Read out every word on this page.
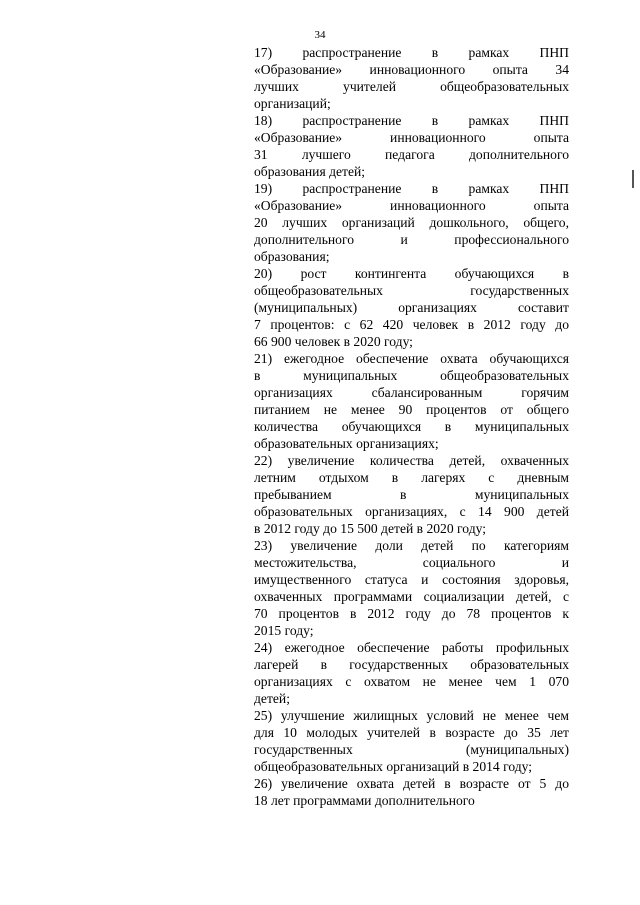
34
17) распространение в рамках ПНП
«Образование» инновационного опыта 34
лучших учителей общеобразовательных
организаций;
18) распространение в рамках ПНП
«Образование» инновационного опыта
31 лучшего педагога дополнительного
образования детей;
19) распространение в рамках ПНП
«Образование» инновационного опыта
20 лучших организаций дошкольного, общего,
дополнительного и профессионального
образования;
20) рост контингента обучающихся в
общеобразовательных государственных
(муниципальных) организациях составит
7 процентов: с 62 420 человек в 2012 году до
66 900 человек в 2020 году;
21) ежегодное обеспечение охвата обучающихся
в муниципальных общеобразовательных
организациях сбалансированным горячим
питанием не менее 90 процентов от общего
количества обучающихся в муниципальных
образовательных организациях;
22) увеличение количества детей, охваченных
летним отдыхом в лагерях с дневным
пребыванием в муниципальных
образовательных организациях, с 14 900 детей
в 2012 году до 15 500 детей в 2020 году;
23) увеличение доли детей по категориям
местожительства, социального и
имущественного статуса и состояния здоровья,
охваченных программами социализации детей, с
70 процентов в 2012 году до 78 процентов к
2015 году;
24) ежегодное обеспечение работы профильных
лагерей в государственных образовательных
организациях с охватом не менее чем 1 070
детей;
25) улучшение жилищных условий не менее чем
для 10 молодых учителей в возрасте до 35 лет
государственных (муниципальных)
общеобразовательных организаций в 2014 году;
26) увеличение охвата детей в возрасте от 5 до
18 лет программами дополнительного
